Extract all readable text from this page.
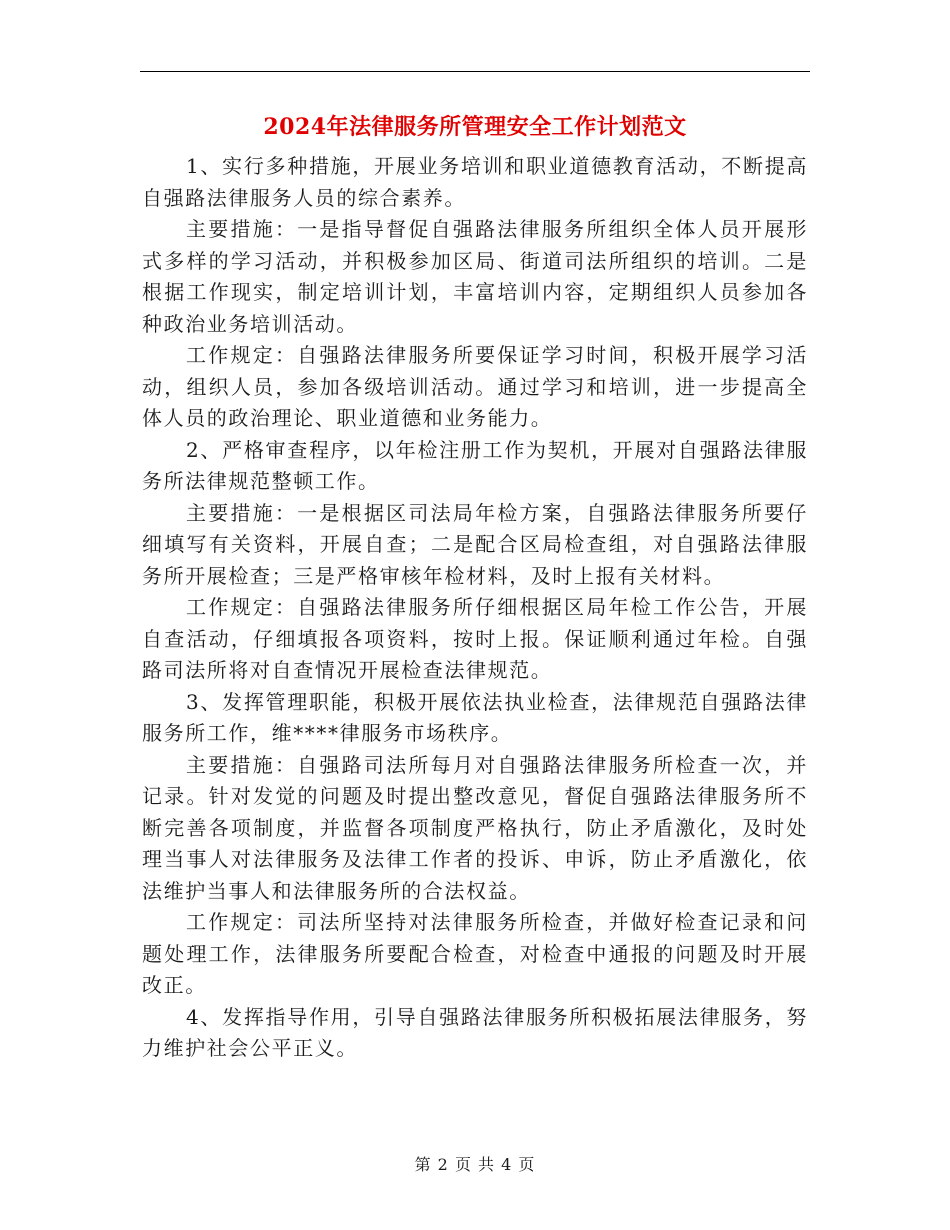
2024年法律服务所管理安全工作计划范文

1、实行多种措施，开展业务培训和职业道德教育活动，不断提高自强路法律服务人员的综合素养。

主要措施：一是指导督促自强路法律服务所组织全体人员开展形式多样的学习活动，并积极参加区局、街道司法所组织的培训。二是根据工作现实，制定培训计划，丰富培训内容，定期组织人员参加各种政治业务培训活动。

工作规定：自强路法律服务所要保证学习时间，积极开展学习活动，组织人员，参加各级培训活动。通过学习和培训，进一步提高全体人员的政治理论、职业道德和业务能力。

2、严格审查程序，以年检注册工作为契机，开展对自强路法律服务所法律规范整顿工作。

主要措施：一是根据区司法局年检方案，自强路法律服务所要仔细填写有关资料，开展自查；二是配合区局检查组，对自强路法律服务所开展检查；三是严格审核年检材料，及时上报有关材料。

工作规定：自强路法律服务所仔细根据区局年检工作公告，开展自查活动，仔细填报各项资料，按时上报。保证顺利通过年检。自强路司法所将对自查情况开展检查法律规范。

3、发挥管理职能，积极开展依法执业检查，法律规范自强路法律服务所工作，维****律服务市场秩序。

主要措施：自强路司法所每月对自强路法律服务所检查一次，并记录。针对发觉的问题及时提出整改意见，督促自强路法律服务所不断完善各项制度，并监督各项制度严格执行，防止矛盾激化，及时处理当事人对法律服务及法律工作者的投诉、申诉，防止矛盾激化，依法维护当事人和法律服务所的合法权益。

工作规定：司法所坚持对法律服务所检查，并做好检查记录和问题处理工作，法律服务所要配合检查，对检查中通报的问题及时开展改正。

4、发挥指导作用，引导自强路法律服务所积极拓展法律服务，努力维护社会公平正义。

第 2 页 共 4 页
